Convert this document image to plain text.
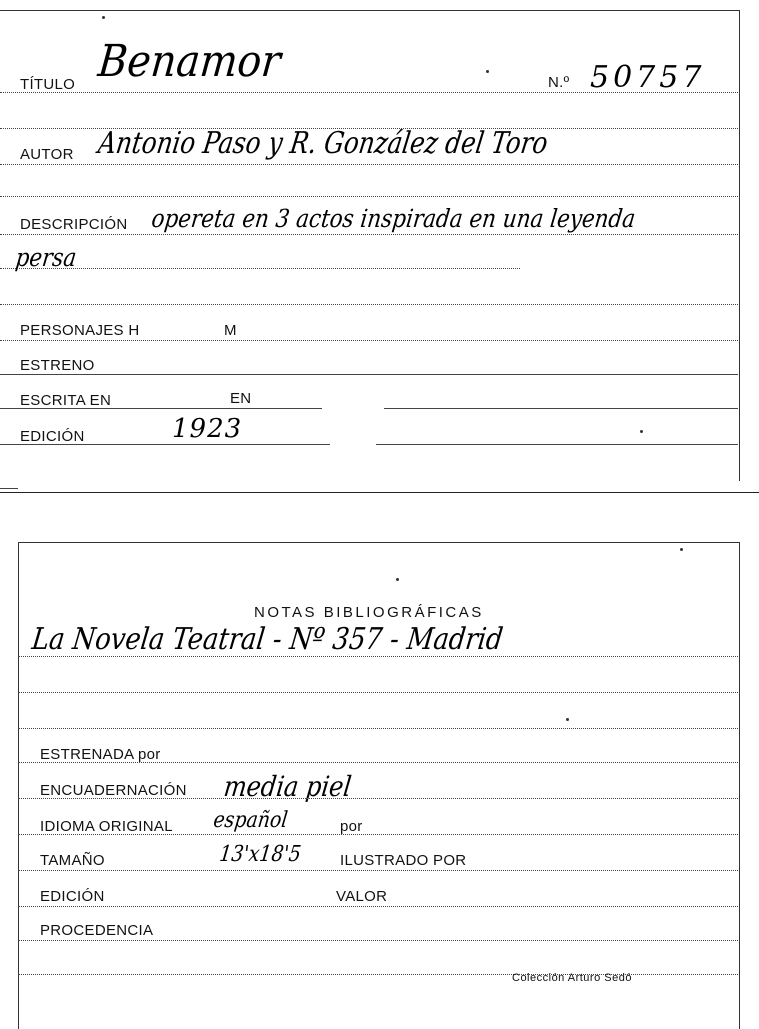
TÍTULO Benamor	N.º 50757
AUTOR Antonio Paso y R. González del Toro
DESCRIPCIÓN opereta en 3 actos inspirada en una leyenda
persa
PERSONAJES H	M
ESTRENO
ESCRITA EN	EN
EDICIÓN	1923
NOTAS BIBLIOGRÁFICAS
La Novela Teatral - Nº 357 - Madrid
ESTRENADA por
ENCUADERNACIÓN media piel
IDIOMA ORIGINAL español	por
TAMAÑO	13'x18'5	ILUSTRADO POR
EDICIÓN	VALOR
PROCEDENCIA
Colección Arturo Sedó
